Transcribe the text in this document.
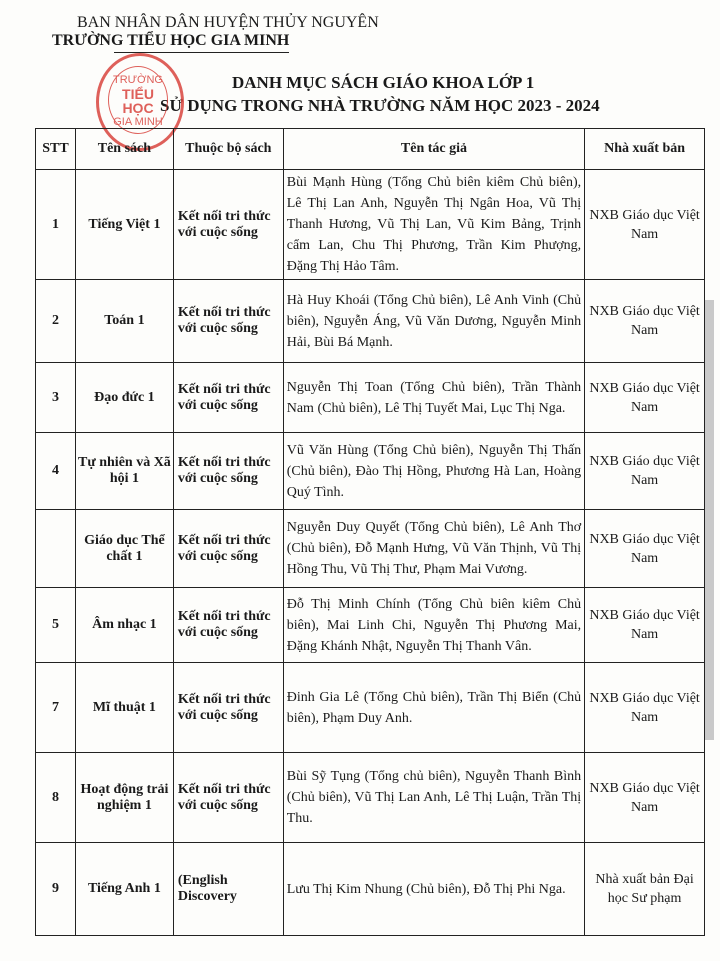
BAN NHÂN DÂN HUYỆN THỦY NGUYÊN
TRƯỜNG TIỂU HỌC GIA MINH
DANH MỤC SÁCH GIÁO KHOA LỚP 1
SỬ DỤNG TRONG NHÀ TRƯỜNG NĂM HỌC 2023 - 2024
TRƯỜNG
TIỂU HỌC
GIA MINH
STT	Tên sách	Thuộc bộ sách	Tên tác giả	Nhà xuất bản
1	Tiếng Việt 1	Kết nối tri thức với cuộc sống	Bùi Mạnh Hùng (Tổng Chủ biên kiêm Chủ biên), Lê Thị Lan Anh, Nguyễn Thị Ngân Hoa, Vũ Thị Thanh Hương, Vũ Thị Lan, Vũ Kim Bảng, Trịnh cẩm Lan, Chu Thị Phương, Trần Kim Phượng, Đặng Thị Hảo Tâm.	NXB Giáo dục Việt Nam
2	Toán 1	Kết nối tri thức với cuộc sống	Hà Huy Khoái (Tổng Chủ biên), Lê Anh Vinh (Chủ biên), Nguyễn Áng, Vũ Văn Dương, Nguyễn Minh Hải, Bùi Bá Mạnh.	NXB Giáo dục Việt Nam
3	Đạo đức 1	Kết nối tri thức với cuộc sống	Nguyễn Thị Toan (Tổng Chủ biên), Trần Thành Nam (Chủ biên), Lê Thị Tuyết Mai, Lục Thị Nga.	NXB Giáo dục Việt Nam
4	Tự nhiên và Xã hội 1	Kết nối tri thức với cuộc sống	Vũ Văn Hùng (Tổng Chủ biên), Nguyễn Thị Thấn (Chủ biên), Đào Thị Hồng, Phương Hà Lan, Hoàng Quý Tình.	NXB Giáo dục Việt Nam
	Giáo dục Thể chất 1	Kết nối tri thức với cuộc sống	Nguyễn Duy Quyết (Tổng Chủ biên), Lê Anh Thơ (Chủ biên), Đỗ Mạnh Hưng, Vũ Văn Thịnh, Vũ Thị Hồng Thu, Vũ Thị Thư, Phạm Mai Vương.	NXB Giáo dục Việt Nam
5	Âm nhạc 1	Kết nối tri thức với cuộc sống	Đỗ Thị Minh Chính (Tổng Chủ biên kiêm Chủ biên), Mai Linh Chi, Nguyễn Thị Phương Mai, Đặng Khánh Nhật, Nguyễn Thị Thanh Vân.	NXB Giáo dục Việt Nam
7	Mĩ thuật 1	Kết nối tri thức với cuộc sống	Đinh Gia Lê (Tổng Chủ biên), Trần Thị Biển (Chủ biên), Phạm Duy Anh.	NXB Giáo dục Việt Nam
8	Hoạt động trải nghiệm 1	Kết nối tri thức với cuộc sống	Bùi Sỹ Tụng (Tổng chủ biên), Nguyễn Thanh Bình (Chủ biên), Vũ Thị Lan Anh, Lê Thị Luận, Trần Thị Thu.	NXB Giáo dục Việt Nam
9	Tiếng Anh 1	(English Discovery	Lưu Thị Kim Nhung (Chủ biên), Đỗ Thị Phi Nga.	Nhà xuất bản Đại học Sư phạm
